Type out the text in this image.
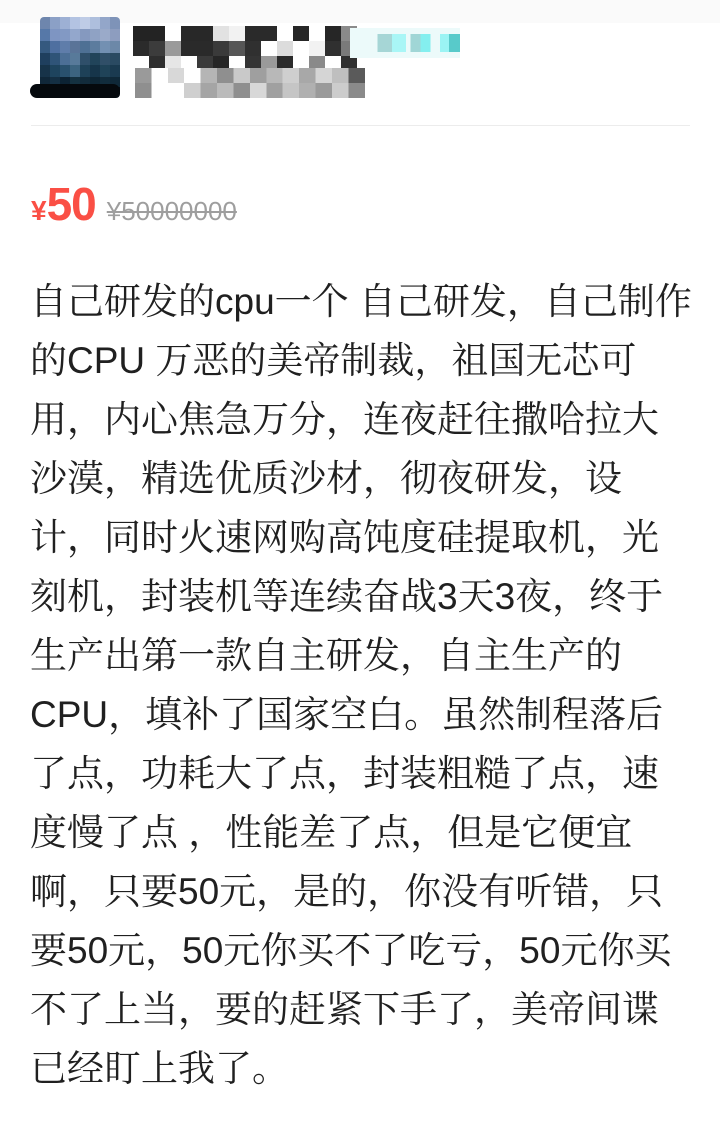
¥ 50 ¥50000000

自己研发的cpu一个 自己研发，自己制作的CPU 万恶的美帝制裁，祖国无芯可用，内心焦急万分，连夜赶往撒哈拉大沙漠，精选优质沙材，彻夜研发，设计，同时火速网购高饨度硅提取机，光刻机，封装机等连续奋战3天3夜，终于生产出第一款自主研发，自主生产的CPU，填补了国家空白。虽然制程落后了点，功耗大了点，封装粗糙了点，速度慢了点 ，性能差了点，但是它便宜啊，只要50元，是的，你没有听错，只要50元，50元你买不了吃亏，50元你买不了上当，要的赶紧下手了，美帝间谍已经盯上我了。
